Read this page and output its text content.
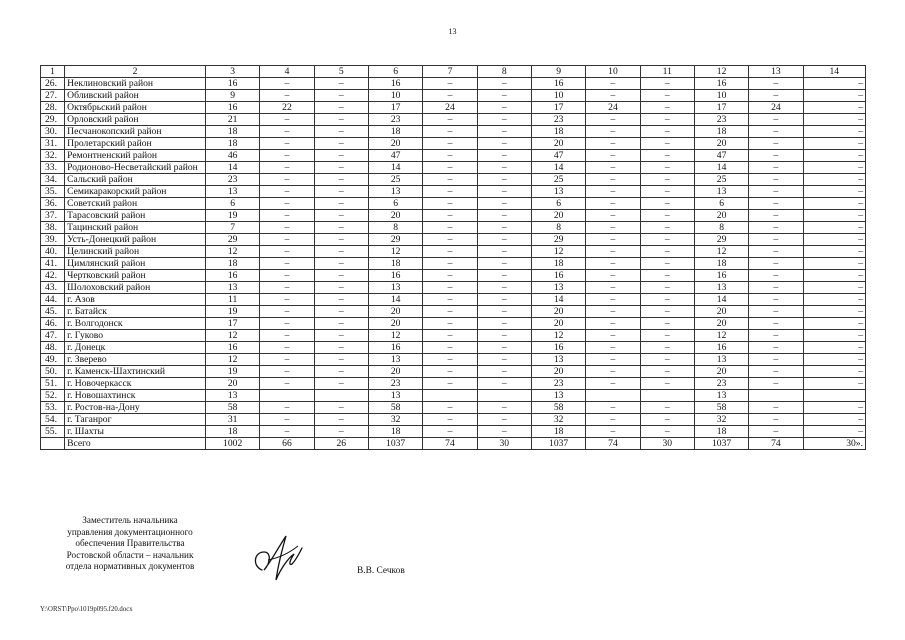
13
1	2	3	4	5	6	7	8	9	10	11	12	13	14
26.	Неклиновский район	16	–	–	16	–	–	16	–	–	16	–	–
27.	Обливский район	9	–	–	10	–	–	10	–	–	10	–	–
28.	Октябрьский район	16	22	–	17	24	–	17	24	–	17	24	–
29.	Орловский район	21	–	–	23	–	–	23	–	–	23	–	–
30.	Песчанокопский район	18	–	–	18	–	–	18	–	–	18	–	–
31.	Пролетарский район	18	–	–	20	–	–	20	–	–	20	–	–
32.	Ремонтненский район	46	–	–	47	–	–	47	–	–	47	–	–
33.	Родионово-Несветайский район	14	–	–	14	–	–	14	–	–	14	–	–
34.	Сальский район	23	–	–	25	–	–	25	–	–	25	–	–
35.	Семикаракорский район	13	–	–	13	–	–	13	–	–	13	–	–
36.	Советский район	6	–	–	6	–	–	6	–	–	6	–	–
37.	Тарасовский район	19	–	–	20	–	–	20	–	–	20	–	–
38.	Тацинский район	7	–	–	8	–	–	8	–	–	8	–	–
39.	Усть-Донецкий район	29	–	–	29	–	–	29	–	–	29	–	–
40.	Целинский район	12	–	–	12	–	–	12	–	–	12	–	–
41.	Цимлянский район	18	–	–	18	–	–	18	–	–	18	–	–
42.	Чертковский район	16	–	–	16	–	–	16	–	–	16	–	–
43.	Шолоховский район	13	–	–	13	–	–	13	–	–	13	–	–
44.	г. Азов	11	–	–	14	–	–	14	–	–	14	–	–
45.	г. Батайск	19	–	–	20	–	–	20	–	–	20	–	–
46.	г. Волгодонск	17	–	–	20	–	–	20	–	–	20	–	–
47.	г. Гуково	12	–	–	12	–	–	12	–	–	12	–	–
48.	г. Донецк	16	–	–	16	–	–	16	–	–	16	–	–
49.	г. Зверево	12	–	–	13	–	–	13	–	–	13	–	–
50.	г. Каменск-Шахтинский	19	–	–	20	–	–	20	–	–	20	–	–
51.	г. Новочеркасск	20	–	–	23	–	–	23	–	–	23	–	–
52.	г. Новошахтинск	13			13			13			13		
53.	г. Ростов-на-Дону	58	–	–	58	–	–	58	–	–	58	–	–
54.	г. Таганрог	31	–	–	32	–	–	32	–	–	32	–	–
55.	г. Шахты	18	–	–	18	–	–	18	–	–	18	–	–
	Всего	1002	66	26	1037	74	30	1037	74	30	1037	74	30».
Заместитель начальника
управления документационного
обеспечения Правительства
Ростовской области – начальник
отдела нормативных документов	В.В. Сечков
Y:\ORST\Ppo\1019p095.f20.docx
